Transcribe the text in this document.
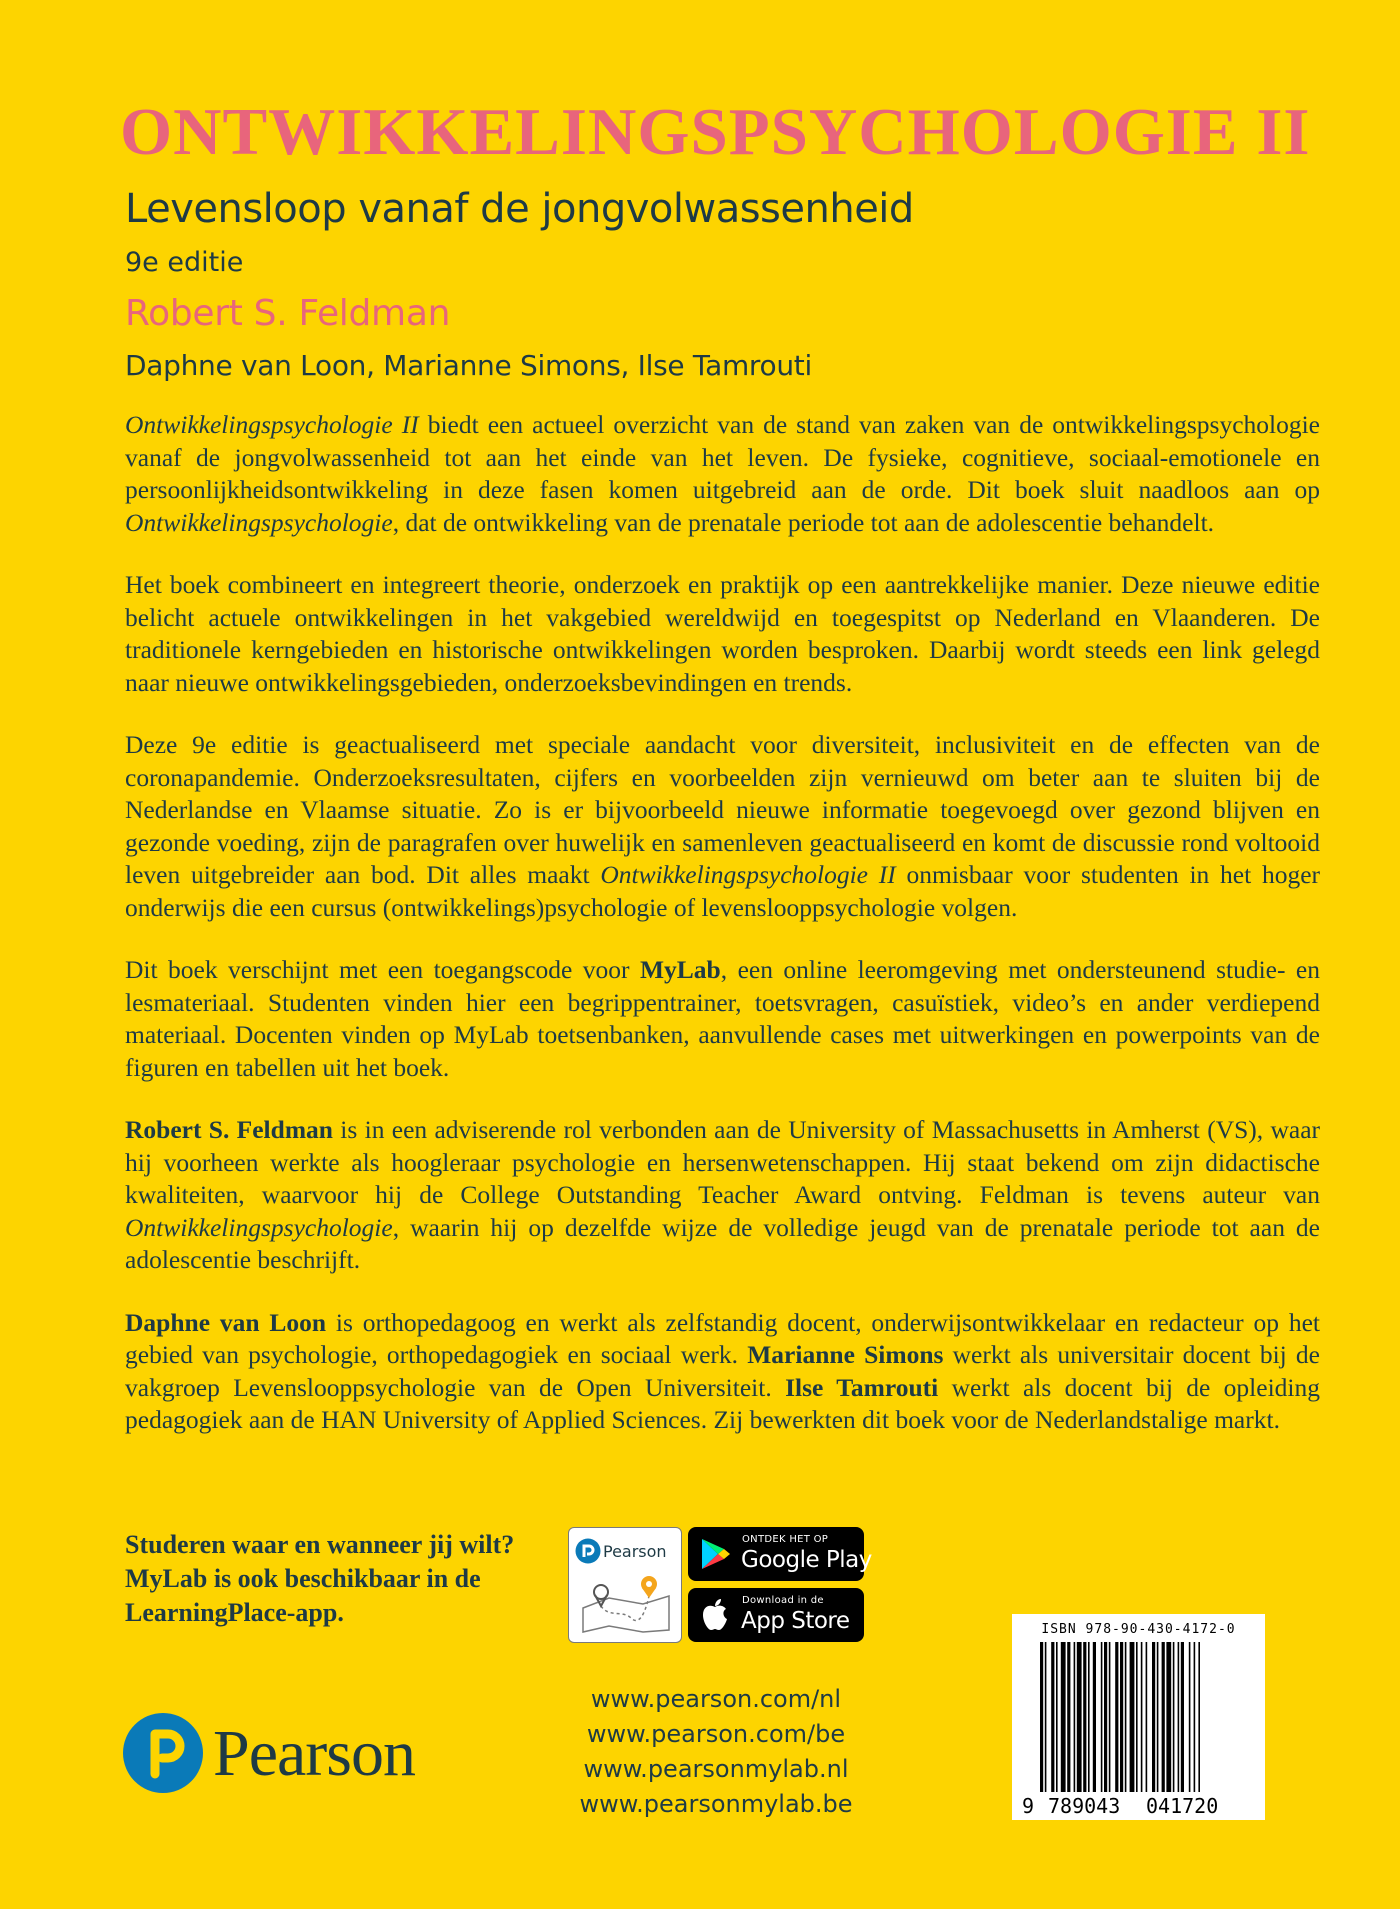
ONTWIKKELINGSPSYCHOLOGIE II
Levensloop vanaf de jongvolwassenheid
9e editie
Robert S. Feldman
Daphne van Loon, Marianne Simons, Ilse Tamrouti

Ontwikkelingspsychologie II biedt een actueel overzicht van de stand van zaken van de ontwikkelingspsychologie vanaf de jongvolwassenheid tot aan het einde van het leven. De fysieke, cognitieve, sociaal-emotionele en persoonlijkheidsontwikkeling in deze fasen komen uitgebreid aan de orde. Dit boek sluit naadloos aan op Ontwikkelingspsychologie, dat de ontwikkeling van de prenatale periode tot aan de adolescentie behandelt.

Het boek combineert en integreert theorie, onderzoek en praktijk op een aantrekkelijke manier. Deze nieuwe editie belicht actuele ontwikkelingen in het vakgebied wereldwijd en toegespitst op Nederland en Vlaanderen. De traditionele kerngebieden en historische ontwikkelingen worden besproken. Daarbij wordt steeds een link gelegd naar nieuwe ontwikkelingsgebieden, onderzoeksbevindingen en trends.

Deze 9e editie is geactualiseerd met speciale aandacht voor diversiteit, inclusiviteit en de effecten van de coronapandemie. Onderzoeksresultaten, cijfers en voorbeelden zijn vernieuwd om beter aan te sluiten bij de Nederlandse en Vlaamse situatie. Zo is er bijvoorbeeld nieuwe informatie toegevoegd over gezond blijven en gezonde voeding, zijn de paragrafen over huwelijk en samenleven geactualiseerd en komt de discussie rond voltooid leven uitgebreider aan bod. Dit alles maakt Ontwikkelingspsychologie II onmisbaar voor studenten in het hoger onderwijs die een cursus (ontwikkelings)psychologie of levenslooppsychologie volgen.

Dit boek verschijnt met een toegangscode voor MyLab, een online leeromgeving met ondersteunend studie- en lesmateriaal. Studenten vinden hier een begrippentrainer, toetsvragen, casuïstiek, video’s en ander verdiepend materiaal. Docenten vinden op MyLab toetsenbanken, aanvullende cases met uitwerkingen en powerpoints van de figuren en tabellen uit het boek.

Robert S. Feldman is in een adviserende rol verbonden aan de University of Massachusetts in Amherst (VS), waar hij voorheen werkte als hoogleraar psychologie en hersenwetenschappen. Hij staat bekend om zijn didactische kwaliteiten, waarvoor hij de College Outstanding Teacher Award ontving. Feldman is tevens auteur van Ontwikkelingspsychologie, waarin hij op dezelfde wijze de volledige jeugd van de prenatale periode tot aan de adolescentie beschrijft.

Daphne van Loon is orthopedagoog en werkt als zelfstandig docent, onderwijsontwikkelaar en redacteur op het gebied van psychologie, orthopedagogiek en sociaal werk. Marianne Simons werkt als universitair docent bij de vakgroep Levenslooppsychologie van de Open Universiteit. Ilse Tamrouti werkt als docent bij de opleiding pedagogiek aan de HAN University of Applied Sciences. Zij bewerkten dit boek voor de Nederlandstalige markt.

Studeren waar en wanneer jij wilt?
MyLab is ook beschikbaar in de
LearningPlace-app.
Pearson
ONTDEK HET OP
Google Play
Download in de
App Store
Pearson
www.pearson.com/nl
www.pearson.com/be
www.pearsonmylab.nl
www.pearsonmylab.be
ISBN 978-90-430-4172-0
9 789043 041720
